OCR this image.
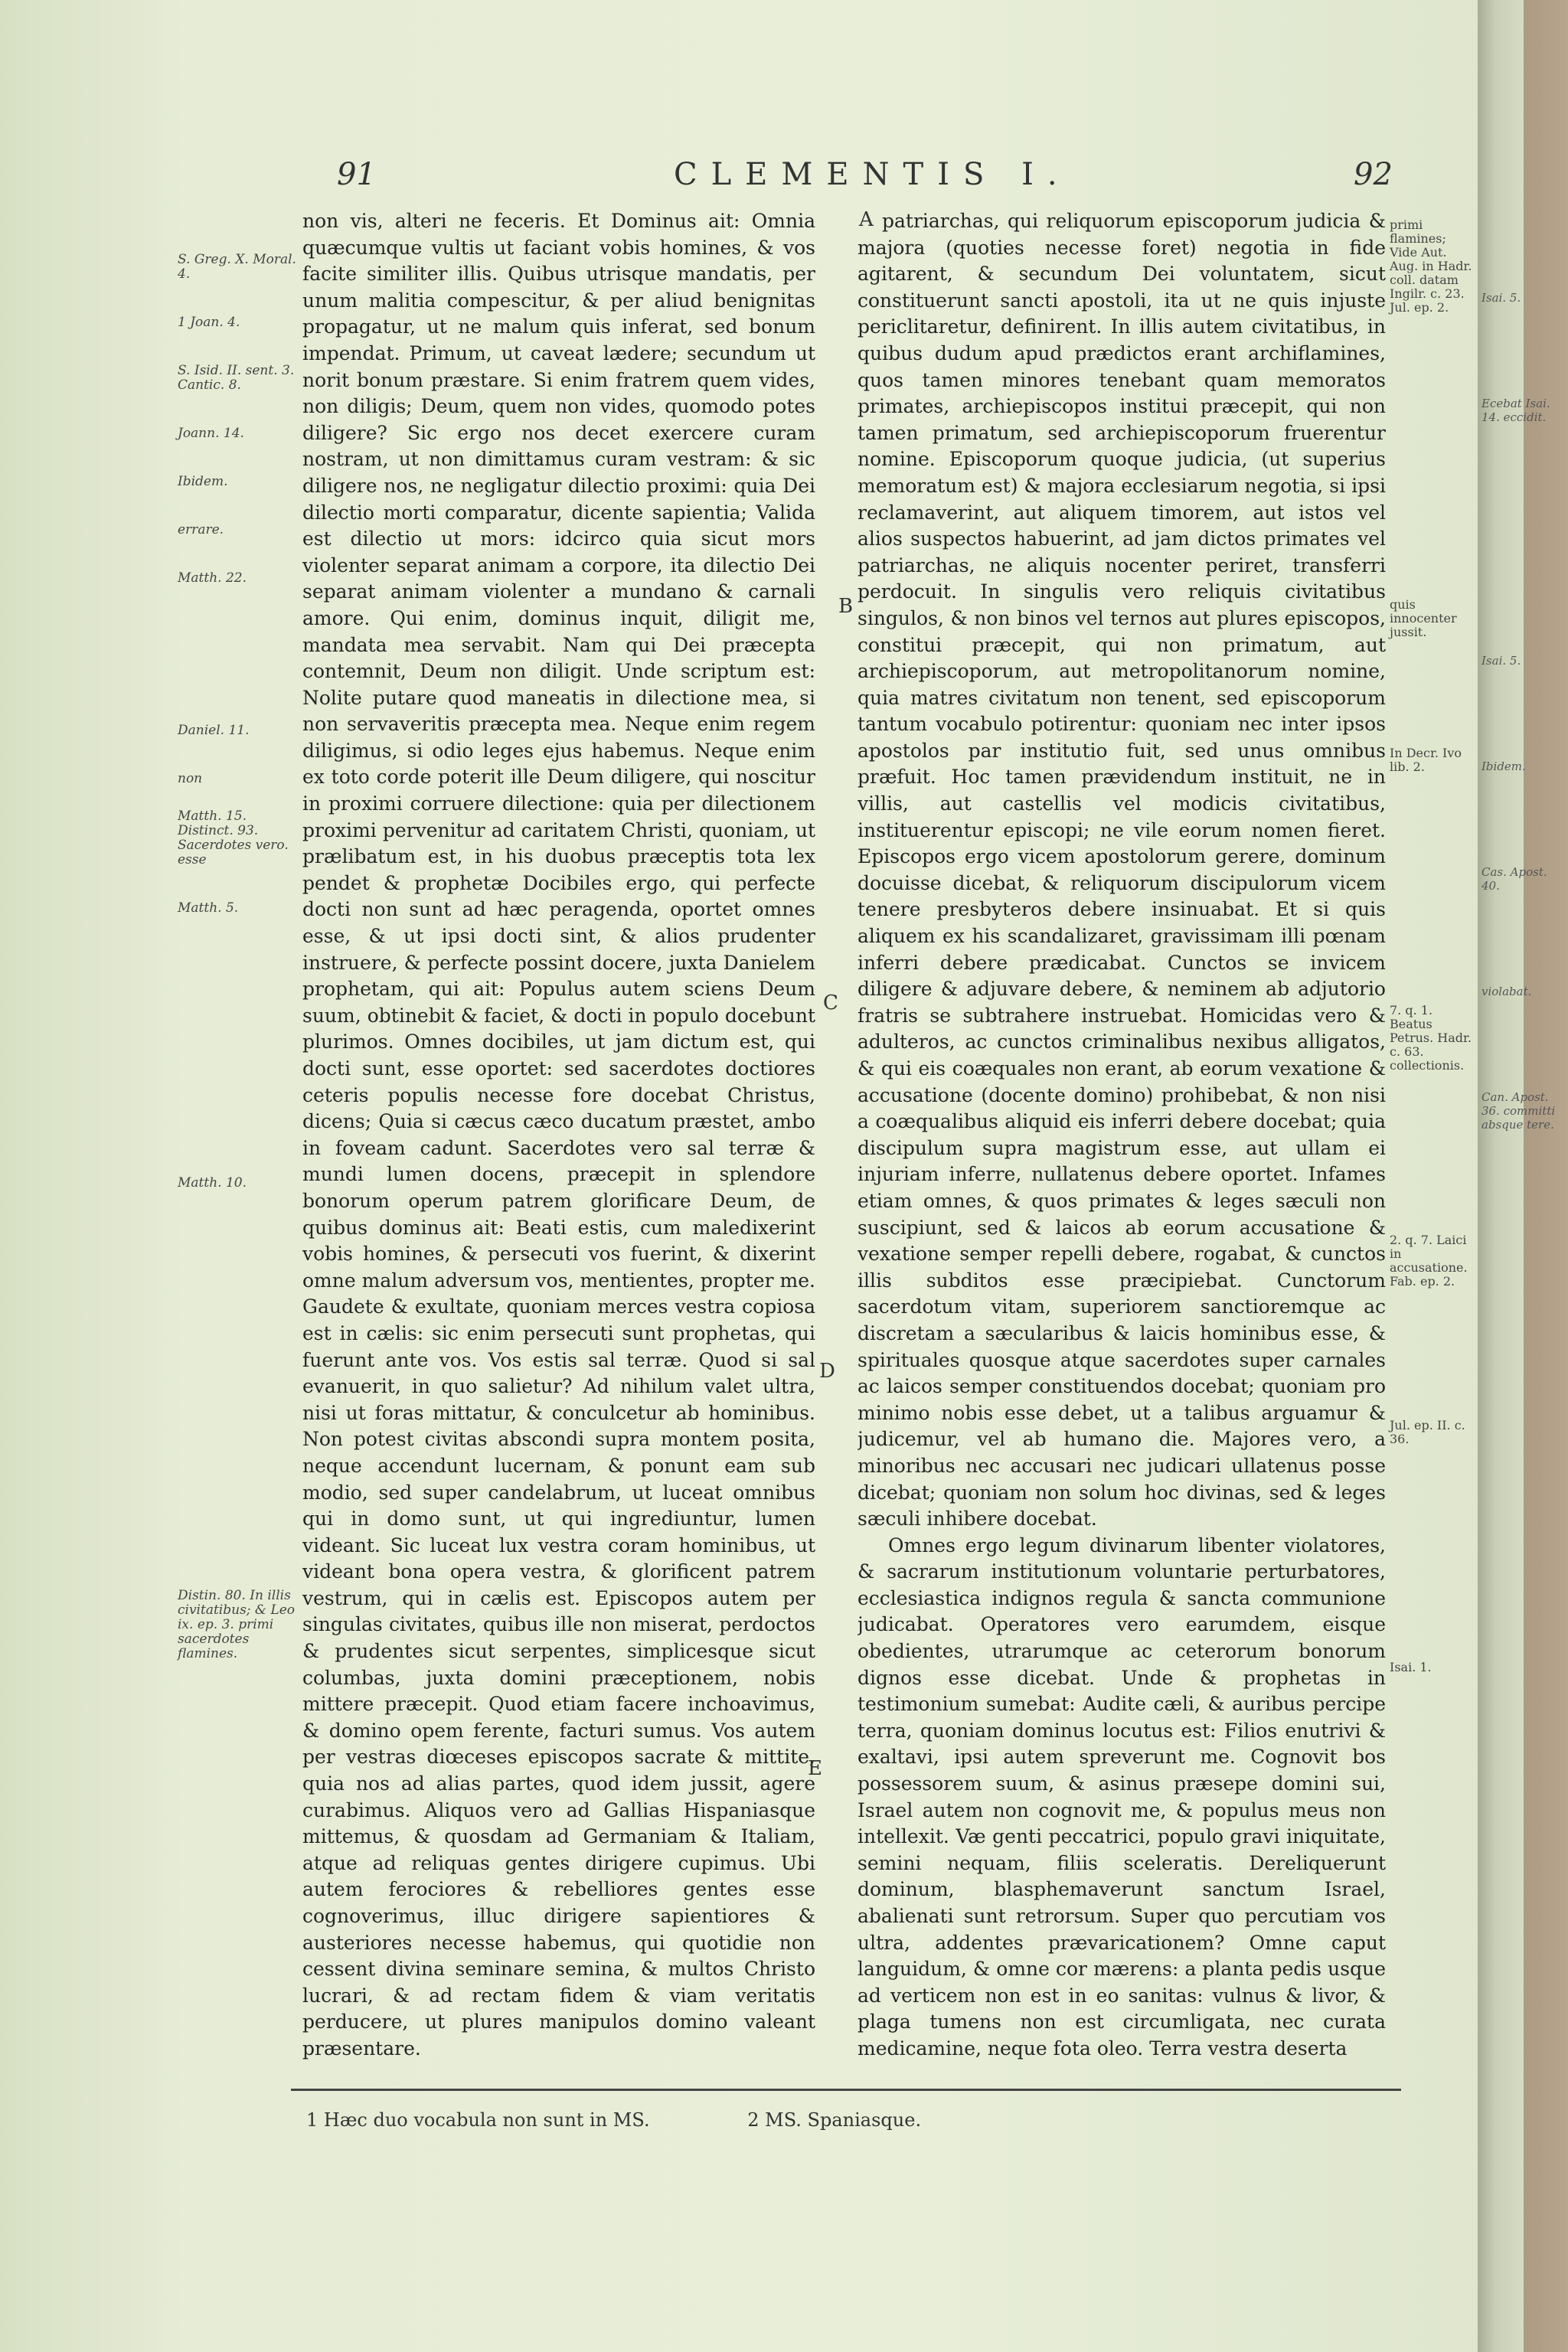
91	CLEMENTIS I.	92
S. Greg. X. Moral. 4.
1 Joan. 4.
S. Isid. II. sent. 3. Cantic. 8.
Joann. 14.
Ibidem.
errare.
Matth. 22.
Daniel. 11.
non
Matth. 15. Distinct. 93. Sacerdotes vero. esse
Matth. 5.
Matth. 10.
Distin. 80. In illis civitatibus; & Leo ix. ep. 3. primi sacerdotes flamines.

non vis, alteri ne feceris. Et Dominus ait: Omnia quæcumque vultis ut faciant vobis homines, & vos facite similiter illis. Quibus utrisque mandatis, per unum malitia compescitur, & per aliud benignitas propagatur, ut ne malum quis inferat, sed bonum impendat. Primum, ut caveat lædere; secundum ut norit bonum præstare. Si enim fratrem quem vides, non diligis; Deum, quem non vides, quomodo potes diligere? Sic ergo nos decet exercere curam nostram, ut non dimittamus curam vestram: & sic diligere nos, ne negligatur dilectio proximi: quia Dei dilectio morti comparatur, dicente sapientia; Valida est dilectio ut mors: idcirco quia sicut mors violenter separat animam a corpore, ita dilectio Dei separat animam violenter a mundano & carnali amore. Qui enim, dominus inquit, diligit me, mandata mea servabit. Nam qui Dei præcepta contemnit, Deum non diligit. Unde scriptum est: Nolite putare quod maneatis in dilectione mea, si non servaveritis præcepta mea. Neque enim regem diligimus, si odio leges ejus habemus. Neque enim ex toto corde poterit ille Deum diligere, qui noscitur in proximi corruere dilectione: quia per dilectionem proximi pervenitur ad caritatem Christi, quoniam, ut prælibatum est, in his duobus præceptis tota lex pendet & prophetæ Docibiles ergo, qui perfecte docti non sunt ad hæc peragenda, oportet omnes esse, & ut ipsi docti sint, & alios prudenter instruere, & perfecte possint docere, juxta Danielem prophetam, qui ait: Populus autem sciens Deum suum, obtinebit & faciet, & docti in populo docebunt plurimos. Omnes docibiles, ut jam dictum est, qui docti sunt, esse oportet: sed sacerdotes doctiores ceteris populis necesse fore docebat Christus, dicens; Quia si cæcus cæco ducatum præstet, ambo in foveam cadunt. Sacerdotes vero sal terræ & mundi lumen docens, præcepit in splendore bonorum operum patrem glorificare Deum, de quibus dominus ait: Beati estis, cum maledixerint vobis homines, & persecuti vos fuerint, & dixerint omne malum adversum vos, mentientes, propter me. Gaudete & exultate, quoniam merces vestra copiosa est in cælis: sic enim persecuti sunt prophetas, qui fuerunt ante vos. Vos estis sal terræ. Quod si sal evanuerit, in quo salietur? Ad nihilum valet ultra, nisi ut foras mittatur, & conculcetur ab hominibus. Non potest civitas abscondi supra montem posita, neque accendunt lucernam, & ponunt eam sub modio, sed super candelabrum, ut luceat omnibus qui in domo sunt, ut qui ingrediuntur, lumen videant. Sic luceat lux vestra coram hominibus, ut videant bona opera vestra, & glorificent patrem vestrum, qui in cælis est. Episcopos autem per singulas civitates, quibus ille non miserat, perdoctos & prudentes sicut serpentes, simplicesque sicut columbas, juxta domini præceptionem, nobis mittere præcepit. Quod etiam facere inchoavimus, & domino opem ferente, facturi sumus. Vos autem per vestras diœceses episcopos sacrate & mittite, quia nos ad alias partes, quod idem jussit, agere curabimus. Aliquos vero ad Gallias Hispaniasque mittemus, & quosdam ad Germaniam & Italiam, atque ad reliquas gentes dirigere cupimus. Ubi autem ferociores & rebelliores gentes esse cognoverimus, illuc dirigere sapientiores & austeriores necesse habemus, qui quotidie non cessent divina seminare semina, & multos Christo lucrari, & ad rectam fidem & viam veritatis perducere, ut plures manipulos domino valeant præsentare.

A
B
C
D
E

patriarchas, qui reliquorum episcoporum judicia & majora (quoties necesse foret) negotia in fide agitarent, & secundum Dei voluntatem, sicut constituerunt sancti apostoli, ita ut ne quis injuste periclitaretur, definirent. In illis autem civitatibus, in quibus dudum apud prædictos erant archiflamines, quos tamen minores tenebant quam memoratos primates, archiepiscopos institui præcepit, qui non tamen primatum, sed archiepiscoporum fruerentur nomine. Episcoporum quoque judicia, (ut superius memoratum est) & majora ecclesiarum negotia, si ipsi reclamaverint, aut aliquem timorem, aut istos vel alios suspectos habuerint, ad jam dictos primates vel patriarchas, ne aliquis nocenter periret, transferri perdocuit. In singulis vero reliquis civitatibus singulos, & non binos vel ternos aut plures episcopos, constitui præcepit, qui non primatum, aut archiepiscoporum, aut metropolitanorum nomine, quia matres civitatum non tenent, sed episcoporum tantum vocabulo potirentur: quoniam nec inter ipsos apostolos par institutio fuit, sed unus omnibus præfuit. Hoc tamen prævidendum instituit, ne in villis, aut castellis vel modicis civitatibus, instituerentur episcopi; ne vile eorum nomen fieret. Episcopos ergo vicem apostolorum gerere, dominum docuisse dicebat, & reliquorum discipulorum vicem tenere presbyteros debere insinuabat. Et si quis aliquem ex his scandalizaret, gravissimam illi pœnam inferri debere prædicabat. Cunctos se invicem diligere & adjuvare debere, & neminem ab adjutorio fratris se subtrahere instruebat. Homicidas vero & adulteros, ac cunctos criminalibus nexibus alligatos, & qui eis coæquales non erant, ab eorum vexatione & accusatione (docente domino) prohibebat, & non nisi a coæqualibus aliquid eis inferri debere docebat; quia discipulum supra magistrum esse, aut ullam ei injuriam inferre, nullatenus debere oportet. Infames etiam omnes, & quos primates & leges sæculi non suscipiunt, sed & laicos ab eorum accusatione & vexatione semper repelli debere, rogabat, & cunctos illis subditos esse præcipiebat. Cunctorum sacerdotum vitam, superiorem sanctioremque ac discretam a sæcularibus & laicis hominibus esse, & spirituales quosque atque sacerdotes super carnales ac laicos semper constituendos docebat; quoniam pro minimo nobis esse debet, ut a talibus arguamur & judicemur, vel ab humano die. Majores vero, a minoribus nec accusari nec judicari ullatenus posse dicebat; quoniam non solum hoc divinas, sed & leges sæculi inhibere docebat.

Omnes ergo legum divinarum libenter violatores, & sacrarum institutionum voluntarie perturbatores, ecclesiastica indignos regula & sancta communione judicabat. Operatores vero earumdem, eisque obedientes, utrarumque ac ceterorum bonorum dignos esse dicebat. Unde & prophetas in testimonium sumebat: Audite cæli, & auribus percipe terra, quoniam dominus locutus est: Filios enutrivi & exaltavi, ipsi autem spreverunt me. Cognovit bos possessorem suum, & asinus præsepe domini sui, Israel autem non cognovit me, & populus meus non intellexit. Væ genti peccatrici, populo gravi iniquitate, semini nequam, filiis sceleratis. Dereliquerunt dominum, blasphemaverunt sanctum Israel, abalienati sunt retrorsum. Super quo percutiam vos ultra, addentes prævaricationem? Omne caput languidum, & omne cor mærens: a planta pedis usque ad verticem non est in eo sanitas: vulnus & livor, & plaga tumens non est circumligata, nec curata medicamine, neque fota oleo. Terra vestra deserta

primi flamines; Vide Aut. Aug. in Hadr. coll. datam Ingilr. c. 23. Jul. ep. 2.
quis innocenter jussit.
In Decr. Ivo lib. 2.
7. q. 1. Beatus Petrus. Hadr. c. 63. collectionis.
2. q. 7. Laici in accusatione. Fab. ep. 2.
Jul. ep. II. c. 36.
Isai. 1.
Isai. 5.
Ecebat Isai. 14. eccidit.
Isai. 5.
Ibidem.
Cas. Apost. 40.
violabat.
Can. Apost. 36. committi absque tere.
1 Hæc duo vocabula non sunt in MS.	2 MS. Spaniasque.
